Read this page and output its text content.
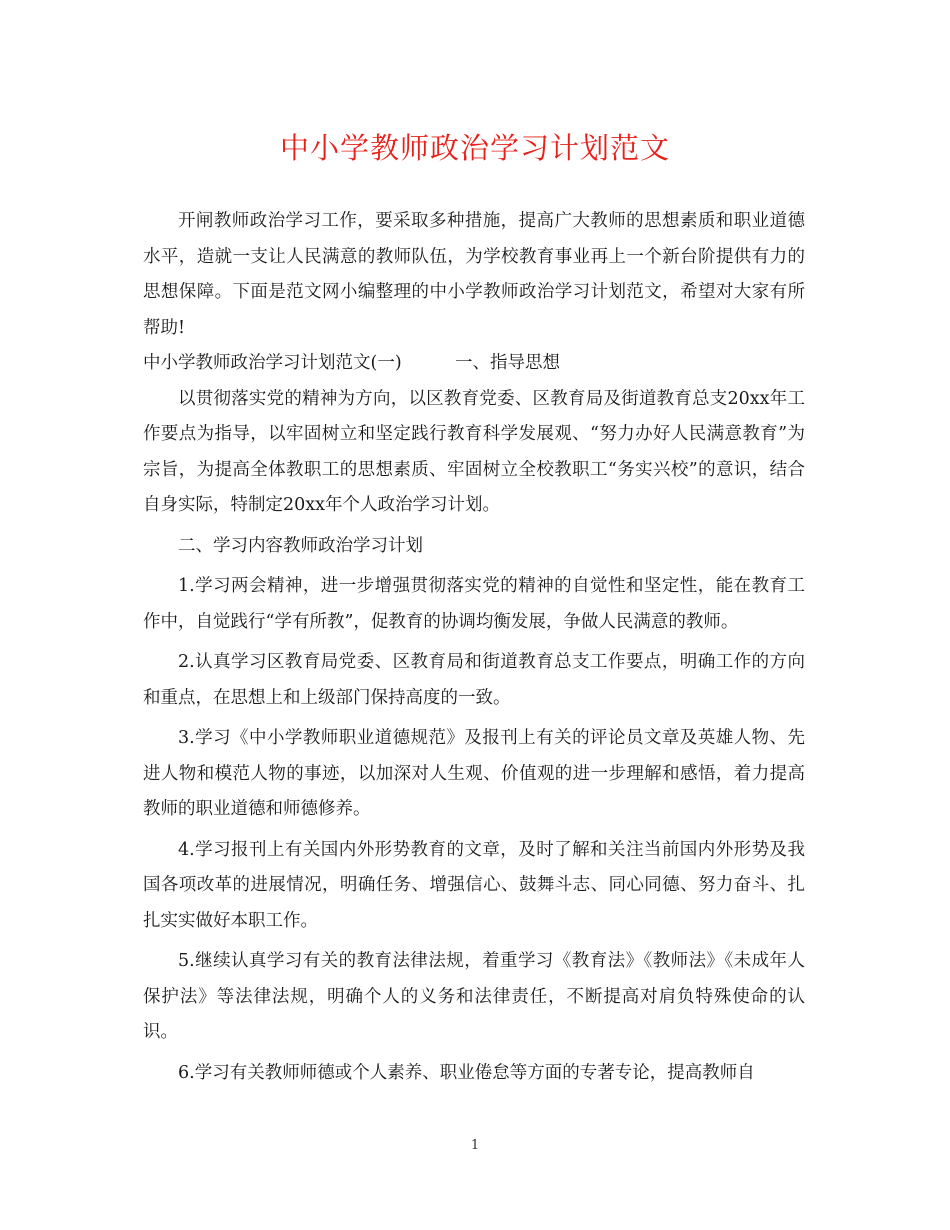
中小学教师政治学习计划范文

开闸教师政治学习工作，要采取多种措施，提高广大教师的思想素质和职业道德水平，造就一支让人民满意的教师队伍，为学校教育事业再上一个新台阶提供有力的思想保障。下面是范文网小编整理的中小学教师政治学习计划范文，希望对大家有所帮助!

中小学教师政治学习计划范文(一)	一、指导思想

以贯彻落实党的精神为方向，以区教育党委、区教育局及街道教育总支20xx年工作要点为指导，以牢固树立和坚定践行教育科学发展观、“努力办好人民满意教育”为宗旨，为提高全体教职工的思想素质、牢固树立全校教职工“务实兴校”的意识，结合自身实际，特制定20xx年个人政治学习计划。

二、学习内容教师政治学习计划

1.学习两会精神，进一步增强贯彻落实党的精神的自觉性和坚定性，能在教育工作中，自觉践行“学有所教”，促教育的协调均衡发展，争做人民满意的教师。

2.认真学习区教育局党委、区教育局和街道教育总支工作要点，明确工作的方向和重点，在思想上和上级部门保持高度的一致。

3.学习《中小学教师职业道德规范》及报刊上有关的评论员文章及英雄人物、先进人物和模范人物的事迹，以加深对人生观、价值观的进一步理解和感悟，着力提高教师的职业道德和师德修养。

4.学习报刊上有关国内外形势教育的文章，及时了解和关注当前国内外形势及我国各项改革的进展情况，明确任务、增强信心、鼓舞斗志、同心同德、努力奋斗、扎扎实实做好本职工作。

5.继续认真学习有关的教育法律法规，着重学习《教育法》《教师法》《未成年人保护法》等法律法规，明确个人的义务和法律责任，不断提高对肩负特殊使命的认识。

6.学习有关教师师德或个人素养、职业倦怠等方面的专著专论，提高教师自

1
